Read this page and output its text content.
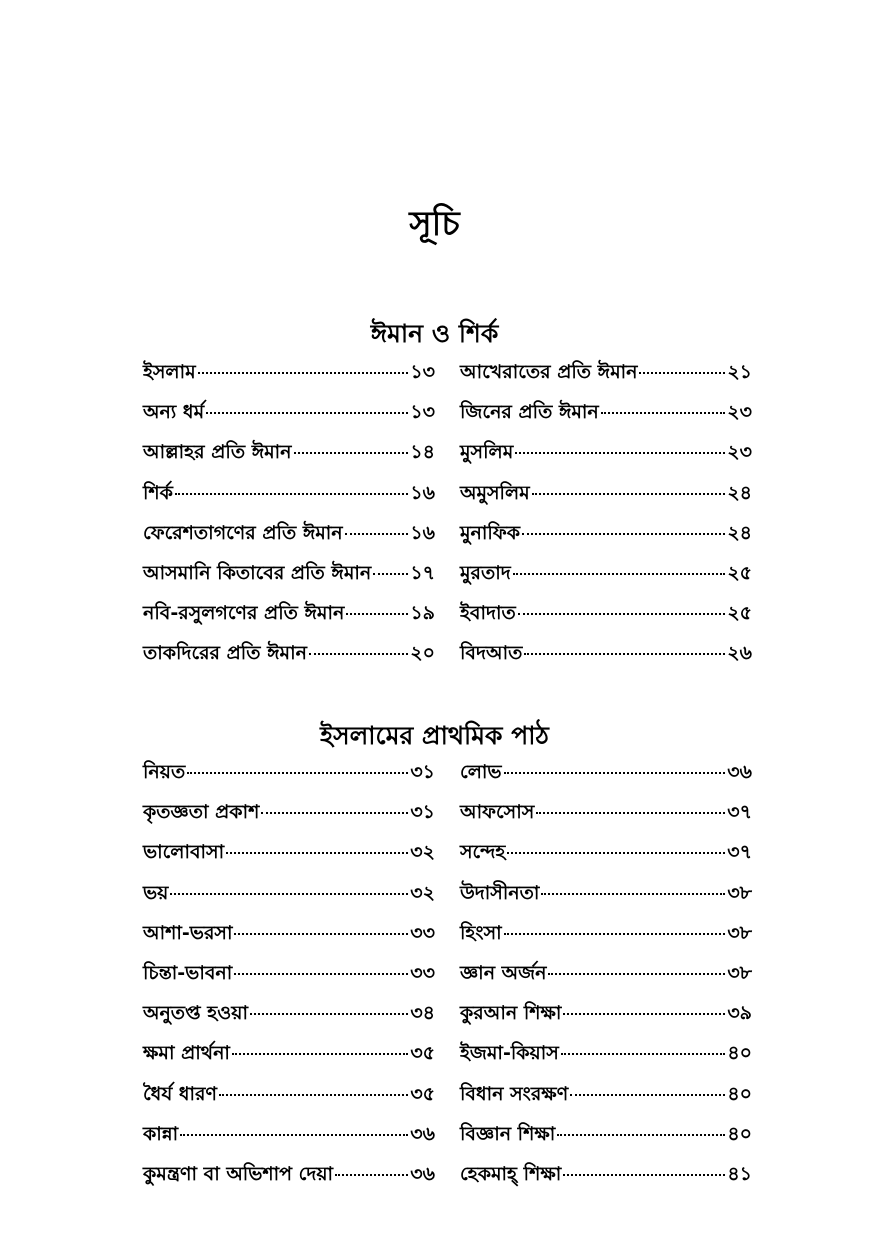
সূচি
ঈমান ও শির্ক
ইসলাম	১৩
অন্য ধর্ম	১৩
আল্লাহর প্রতি ঈমান	১৪
শির্ক	১৬
ফেরেশতাগণের প্রতি ঈমান	১৬
আসমানি কিতাবের প্রতি ঈমান ১৭
নবি-রসুলগণের প্রতি ঈমান	১৯
তাকদিরের প্রতি ঈমান	২০
আখেরাতের প্রতি ঈমান	২১
জিনের প্রতি ঈমান	২৩
মুসলিম	২৩
অমুসলিম	২৪
মুনাফিক	২৪
মুরতাদ	২৫
ইবাদাত	২৫
বিদআত	২৬
ইসলামের প্রাথমিক পাঠ
নিয়ত	৩১
কৃতজ্ঞতা প্রকাশ	৩১
ভালোবাসা	৩২
ভয়	৩২
আশা-ভরসা	৩৩
চিন্তা-ভাবনা	৩৩
অনুতপ্ত হওয়া	৩৪
ক্ষমা প্রার্থনা	৩৫
ধৈর্য ধারণ	৩৫
কান্না	৩৬
কুমন্ত্রণা বা অভিশাপ দেয়া	৩৬
লোভ	৩৬
আফসোস	৩৭
সন্দেহ	৩৭
উদাসীনতা	৩৮
হিংসা	৩৮
জ্ঞান অর্জন	৩৮
কুরআন শিক্ষা	৩৯
ইজমা-কিয়াস	৪০
বিধান সংরক্ষণ	৪০
বিজ্ঞান শিক্ষা	৪০
হেকমাহ্‌ শিক্ষা	৪১
